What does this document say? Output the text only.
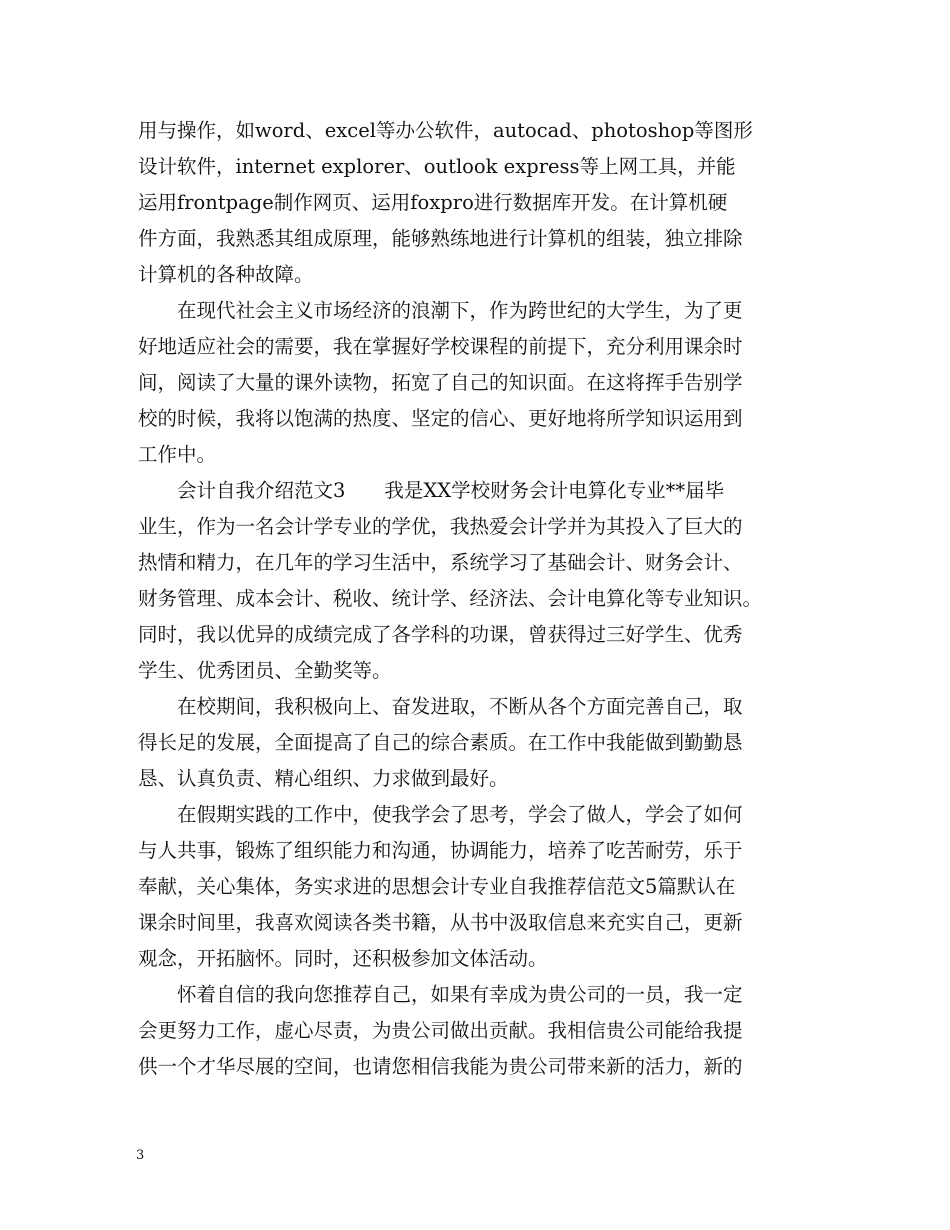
用与操作，如word、excel等办公软件，autocad、photoshop等图形
设计软件，internet explorer、outlook express等上网工具，并能
运用frontpage制作网页、运用foxpro进行数据库开发。在计算机硬
件方面，我熟悉其组成原理，能够熟练地进行计算机的组装，独立排除
计算机的各种故障。
　　在现代社会主义市场经济的浪潮下，作为跨世纪的大学生，为了更
好地适应社会的需要，我在掌握好学校课程的前提下，充分利用课余时
间，阅读了大量的课外读物，拓宽了自己的知识面。在这将挥手告别学
校的时候，我将以饱满的热度、坚定的信心、更好地将所学知识运用到
工作中。
　　会计自我介绍范文3　　我是XX学校财务会计电算化专业**届毕
业生，作为一名会计学专业的学优，我热爱会计学并为其投入了巨大的
热情和精力，在几年的学习生活中，系统学习了基础会计、财务会计、
财务管理、成本会计、税收、统计学、经济法、会计电算化等专业知识。
同时，我以优异的成绩完成了各学科的功课，曾获得过三好学生、优秀
学生、优秀团员、全勤奖等。
　　在校期间，我积极向上、奋发进取，不断从各个方面完善自己，取
得长足的发展，全面提高了自己的综合素质。在工作中我能做到勤勤恳
恳、认真负责、精心组织、力求做到最好。
　　在假期实践的工作中，使我学会了思考，学会了做人，学会了如何
与人共事，锻炼了组织能力和沟通，协调能力，培养了吃苦耐劳，乐于
奉献，关心集体，务实求进的思想会计专业自我推荐信范文5篇默认在
课余时间里，我喜欢阅读各类书籍，从书中汲取信息来充实自己，更新
观念，开拓脑怀。同时，还积极参加文体活动。
　　怀着自信的我向您推荐自己，如果有幸成为贵公司的一员，我一定
会更努力工作，虚心尽责，为贵公司做出贡献。我相信贵公司能给我提
供一个才华尽展的空间，也请您相信我能为贵公司带来新的活力，新的
3
